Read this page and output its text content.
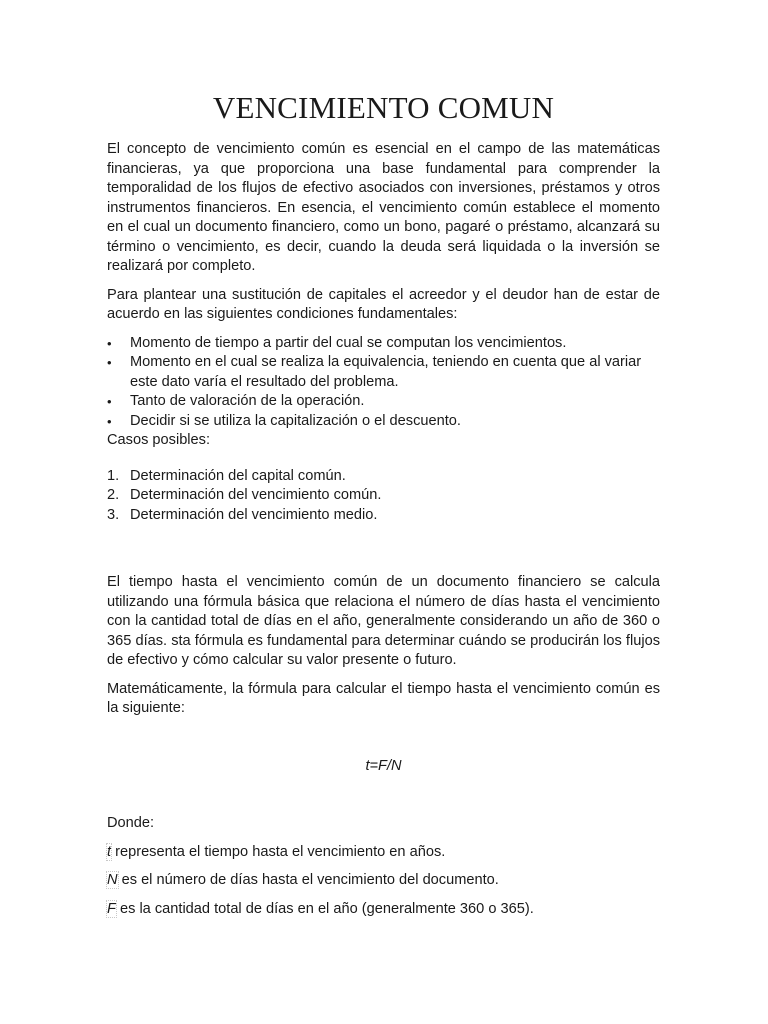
VENCIMIENTO COMUN

El concepto de vencimiento común es esencial en el campo de las matemáticas financieras, ya que proporciona una base fundamental para comprender la temporalidad de los flujos de efectivo asociados con inversiones, préstamos y otros instrumentos financieros. En esencia, el vencimiento común establece el momento en el cual un documento financiero, como un bono, pagaré o préstamo, alcanzará su término o vencimiento, es decir, cuando la deuda será liquidada o la inversión se realizará por completo.

Para plantear una sustitución de capitales el acreedor y el deudor han de estar de acuerdo en las siguientes condiciones fundamentales:

•	Momento de tiempo a partir del cual se computan los vencimientos.
•	Momento en el cual se realiza la equivalencia, teniendo en cuenta que al variar este dato varía el resultado del problema.
•	Tanto de valoración de la operación.
•	Decidir si se utiliza la capitalización o el descuento.

Casos posibles:

1. Determinación del capital común.
2. Determinación del vencimiento común.
3. Determinación del vencimiento medio.

El tiempo hasta el vencimiento común de un documento financiero se calcula utilizando una fórmula básica que relaciona el número de días hasta el vencimiento con la cantidad total de días en el año, generalmente considerando un año de 360 o 365 días. sta fórmula es fundamental para determinar cuándo se producirán los flujos de efectivo y cómo calcular su valor presente o futuro.

Matemáticamente, la fórmula para calcular el tiempo hasta el vencimiento común es la siguiente:

t=F/N

Donde:

t representa el tiempo hasta el vencimiento en años.

N es el número de días hasta el vencimiento del documento.

F es la cantidad total de días en el año (generalmente 360 o 365).
